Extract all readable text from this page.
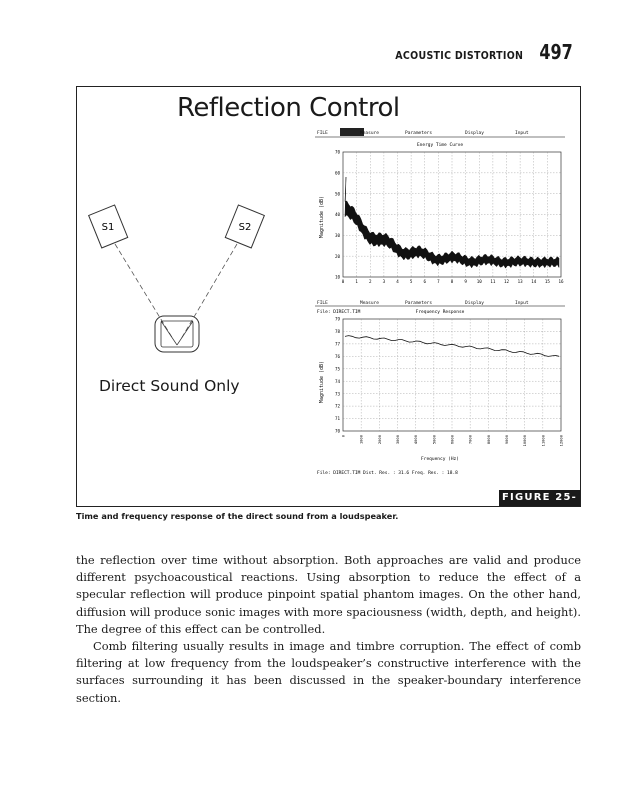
ACOUSTIC DISTORTION 497
Reflection Control
S1	S2
Direct Sound Only
FILE	Measure	Parameters	Display	Input
Energy Time Curve
Magnitude (dB)
70
60
50
40
30
20
10
0	1	2	3	4	5	6	7	8	9 10 11 12 13 14 15 16
FILE	Measure	Parameters	Display	Input
File: DIRECT.TIM	Frequency Response
Magnitude (dB)
Frequency (Hz)
File: DIRECT.TIM Dist. Res. : 31.6 Freq. Res. : 18.8
79
78
77
76
75
74
73
72
71
70
0	1000	2000	3000	4000	5000	6000	7000	8000	9000	10000	11000	12000
FIGURE 25-4
Time and frequency response of the direct sound from a loudspeaker.

the reflection over time without absorption. Both approaches are valid and produce different psychoacoustical reactions. Using absorption to reduce the effect of a specular reflection will produce pinpoint spatial phantom images. On the other hand, diffusion will produce sonic images with more spaciousness (width, depth, and height). The degree of this effect can be controlled.

Comb filtering usually results in image and timbre corruption. The effect of comb filtering at low frequency from the loudspeaker’s constructive interference with the surfaces surrounding it has been discussed in the speaker-boundary interference section.
